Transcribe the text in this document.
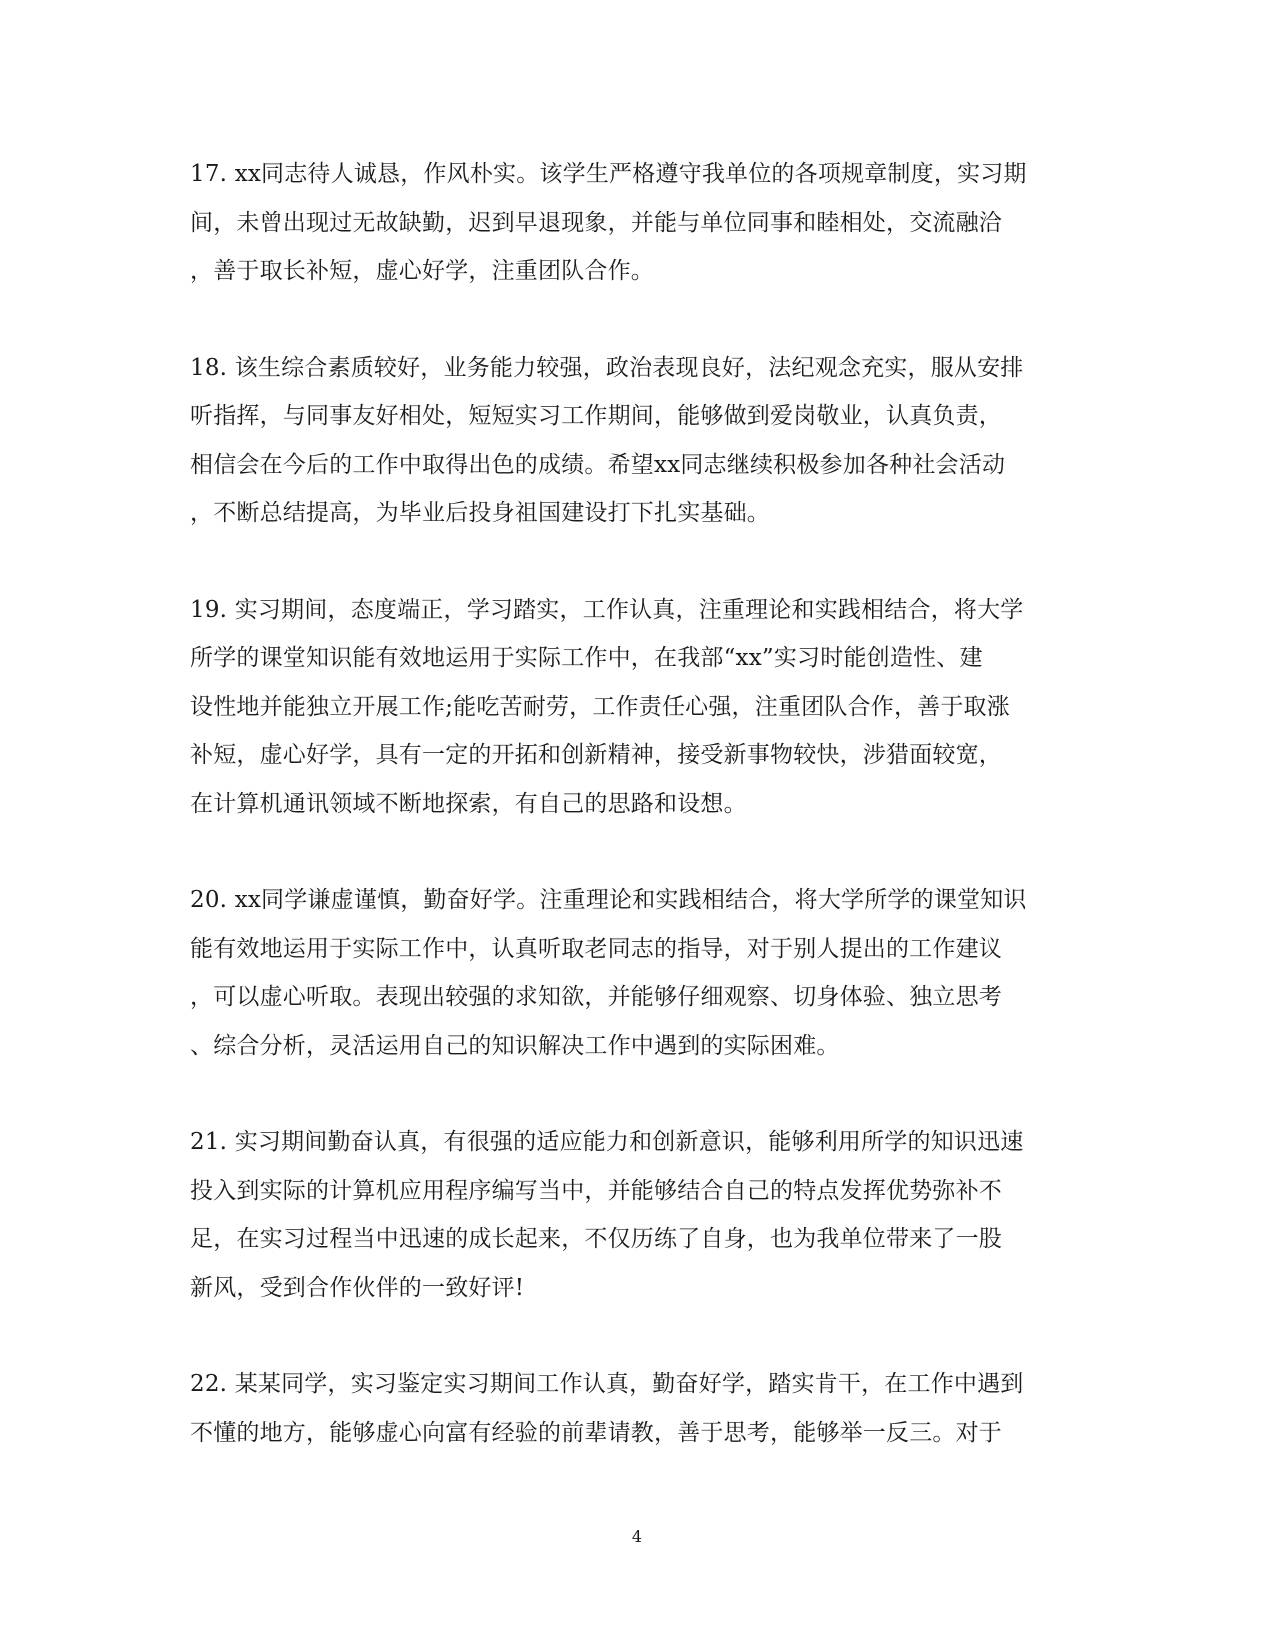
17. xx同志待人诚恳，作风朴实。该学生严格遵守我单位的各项规章制度，实习期
间，未曾出现过无故缺勤，迟到早退现象，并能与单位同事和睦相处，交流融洽
，善于取长补短，虚心好学，注重团队合作。
18. 该生综合素质较好，业务能力较强，政治表现良好，法纪观念充实，服从安排
听指挥，与同事友好相处，短短实习工作期间，能够做到爱岗敬业，认真负责，
相信会在今后的工作中取得出色的成绩。希望xx同志继续积极参加各种社会活动
，不断总结提高，为毕业后投身祖国建设打下扎实基础。
19. 实习期间，态度端正，学习踏实，工作认真，注重理论和实践相结合，将大学
所学的课堂知识能有效地运用于实际工作中，在我部“xx”实习时能创造性、建
设性地并能独立开展工作;能吃苦耐劳，工作责任心强，注重团队合作，善于取涨
补短，虚心好学，具有一定的开拓和创新精神，接受新事物较快，涉猎面较宽，
在计算机通讯领域不断地探索，有自己的思路和设想。
20. xx同学谦虚谨慎，勤奋好学。注重理论和实践相结合，将大学所学的课堂知识
能有效地运用于实际工作中，认真听取老同志的指导，对于别人提出的工作建议
，可以虚心听取。表现出较强的求知欲，并能够仔细观察、切身体验、独立思考
、综合分析，灵活运用自己的知识解决工作中遇到的实际困难。
21. 实习期间勤奋认真，有很强的适应能力和创新意识，能够利用所学的知识迅速
投入到实际的计算机应用程序编写当中，并能够结合自己的特点发挥优势弥补不
足，在实习过程当中迅速的成长起来，不仅历练了自身，也为我单位带来了一股
新风，受到合作伙伴的一致好评!
22. 某某同学，实习鉴定实习期间工作认真，勤奋好学，踏实肯干，在工作中遇到
不懂的地方，能够虚心向富有经验的前辈请教，善于思考，能够举一反三。对于
4
